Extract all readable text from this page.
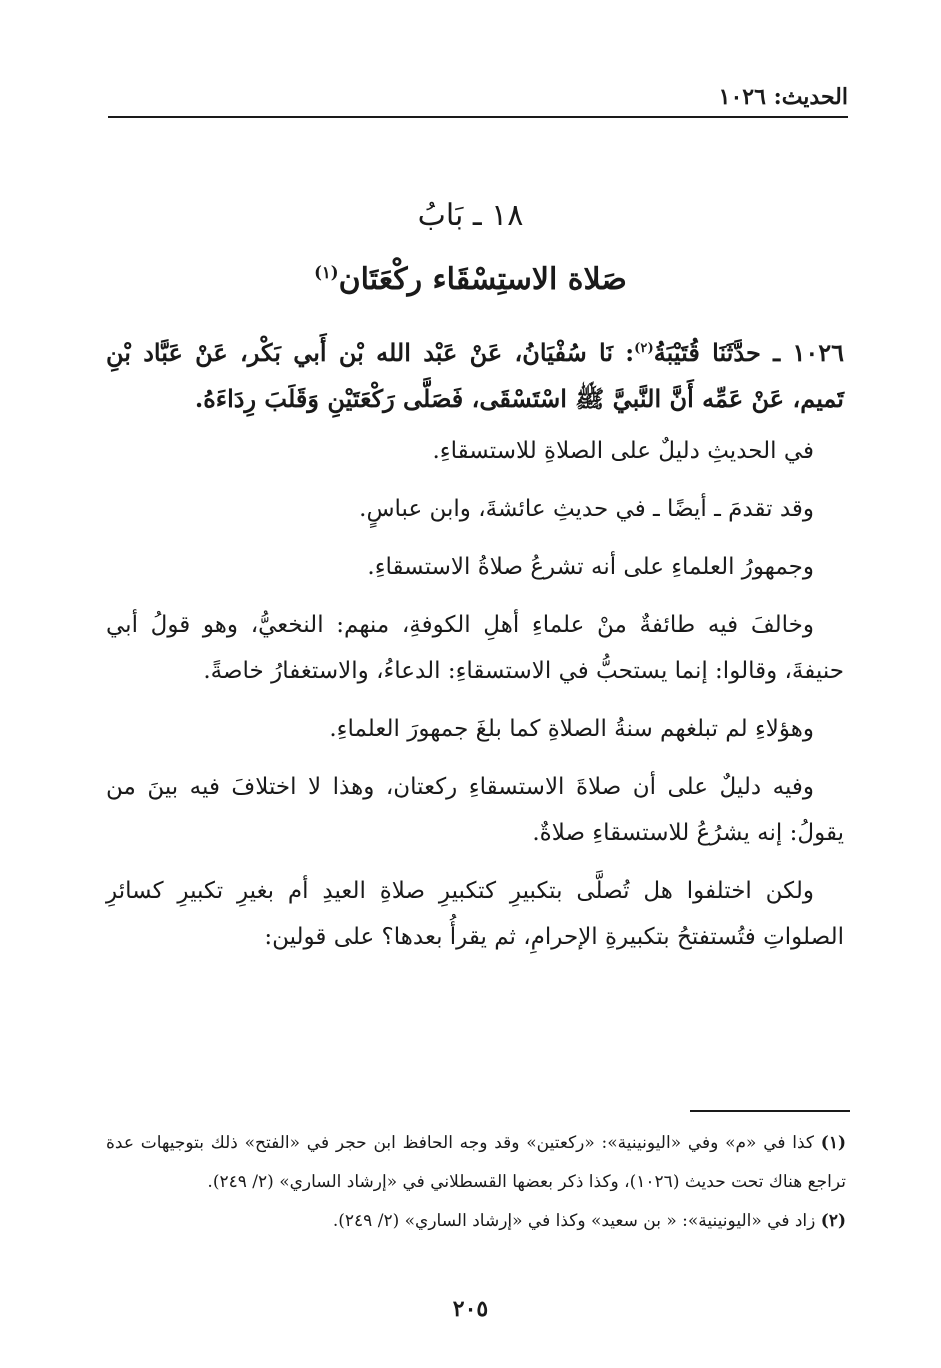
الحديث: ١٠٢٦
١٨ ـ بَابُ
صَلاة الاستِسْقَاء ركْعَتَان$^{(١)}$

١٠٢٦ ـ حدَّثَنَا قُتَيْبَةُ$^{(٢)}$: نَا سُفْيَانُ، عَنْ عَبْد الله بْن أَبي بَكْر، عَنْ عَبَّاد بْنِ تَميم، عَنْ عَمِّه أَنَّ النَّبيَّ ﷺ اسْتَسْقَى، فَصَلَّى رَكْعَتَيْنِ وَقَلَبَ رِدَاءَهُ.

في الحديثِ دليلٌ على الصلاةِ للاستسقاءِ.

وقد تقدمَ ـ أيضًا ـ في حديثِ عائشةَ، وابن عباسٍ.

وجمهورُ العلماءِ على أنه تشرعُ صلاةُ الاستسقاءِ.

وخالفَ فيه طائفةٌ منْ علماءِ أهلِ الكوفةِ، منهم: النخعيُّ، وهو قولُ أبي حنيفةَ، وقالوا: إنما يستحبُّ في الاستسقاءِ: الدعاءُ، والاستغفارُ خاصةً.

وهؤلاءِ لم تبلغهم سنةُ الصلاةِ كما بلغَ جمهورَ العلماءِ.

وفيه دليلٌ على أن صلاةَ الاستسقاءِ ركعتان، وهذا لا اختلافَ فيه بينَ من يقولُ: إنه يشرُعُ للاستسقاءِ صلاةٌ.

ولكن اختلفوا هل تُصلَّى بتكبيرِ كتكبيرِ صلاةِ العيدِ أم بغيرِ تكبيرِ كسائرِ الصلواتِ فتُستفتحُ بتكبيرةِ الإحرامِ، ثم يقرأُ بعدها؟ على قولين:

(١) كذا في «م» وفي «اليونينية»: «ركعتين» وقد وجه الحافظ ابن حجر في «الفتح» ذلك بتوجيهات عدة تراجع هناك تحت حديث (١٠٢٦)، وكذا ذكر بعضها القسطلاني في «إرشاد الساري» (٢/ ٢٤٩).

(٢) زاد في «اليونينية»: « بن سعيد» وكذا في «إرشاد الساري» (٢/ ٢٤٩).

٢٠٥
